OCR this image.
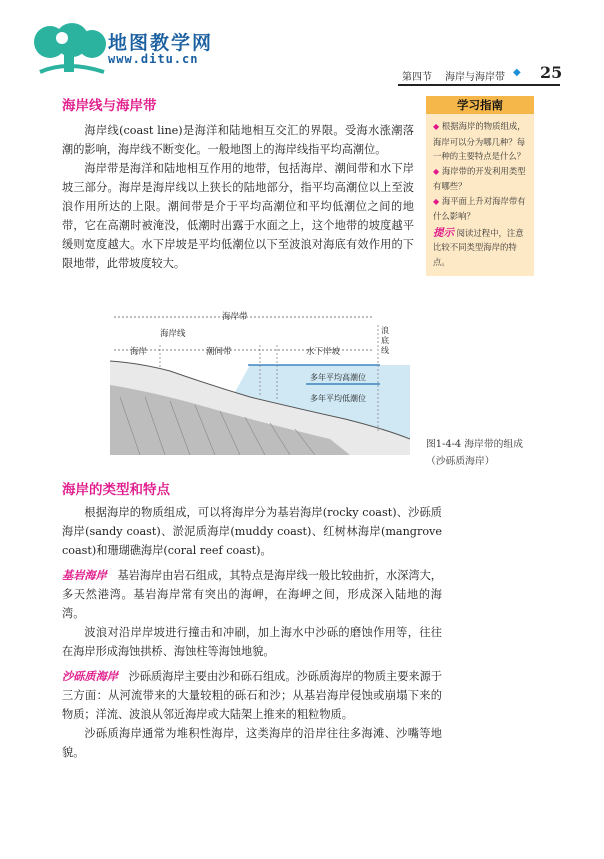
地图教学网
www.ditu.cn
第四节 海岸与海岸带 ◆ 25
海岸线与海岸带

海岸线(coast line)是海洋和陆地相互交汇的界限。受海水涨潮落潮的影响，海岸线不断变化。一般地图上的海岸线指平均高潮位。

海岸带是海洋和陆地相互作用的地带，包括海岸、潮间带和水下岸坡三部分。海岸是海岸线以上狭长的陆地部分，指平均高潮位以上至波浪作用所达的上限。潮间带是介于平均高潮位和平均低潮位之间的地带，它在高潮时被淹没，低潮时出露于水面之上，这个地带的坡度越平缓则宽度越大。水下岸坡是平均低潮位以下至波浪对海底有效作用的下限地带，此带坡度较大。

学习指南
◆ 根据海岸的物质组成，海岸可以分为哪几种？每一种的主要特点是什么？
◆ 海岸带的开发利用类型有哪些？
◆ 海平面上升对海岸带有什么影响？
提示 阅读过程中，注意比较不同类型海岸的特点。
海岸带
海岸线
海岸	潮间带	水下岸坡
浪底线
多年平均高潮位
多年平均低潮位
图1-4-4 海岸带的组成（沙砾质海岸）
海岸的类型和特点

根据海岸的物质组成，可以将海岸分为基岩海岸(rocky coast)、沙砾质海岸(sandy coast)、淤泥质海岸(muddy coast)、红树林海岸(mangrove coast)和珊瑚礁海岸(coral reef coast)。

基岩海岸 基岩海岸由岩石组成，其特点是海岸线一般比较曲折，水深湾大，多天然港湾。基岩海岸常有突出的海岬，在海岬之间，形成深入陆地的海湾。

波浪对沿岸岸坡进行撞击和冲刷，加上海水中沙砾的磨蚀作用等，往往在海岸形成海蚀拱桥、海蚀柱等海蚀地貌。

沙砾质海岸 沙砾质海岸主要由沙和砾石组成。沙砾质海岸的物质主要来源于三方面：从河流带来的大量较粗的砾石和沙；从基岩海岸侵蚀或崩塌下来的物质；洋流、波浪从邻近海岸或大陆架上推来的粗粒物质。

沙砾质海岸通常为堆积性海岸，这类海岸的沿岸往往多海滩、沙嘴等地貌。
